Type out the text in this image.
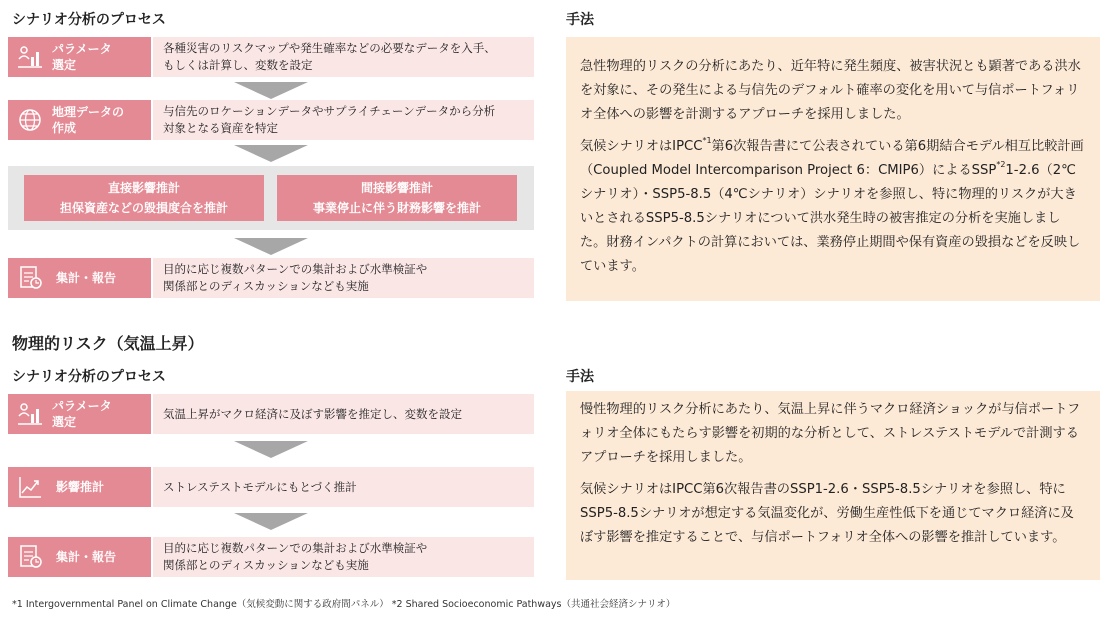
シナリオ分析のプロセス	手法
パラメータ
選定
各種災害のリスクマップや発生確率などの必要なデータを入手、
もしくは計算し、変数を設定
地理データの
作成
与信先のロケーションデータやサプライチェーンデータから分析
対象となる資産を特定
直接影響推計
担保資産などの毀損度合を推計
間接影響推計
事業停止に伴う財務影響を推計
集計・報告
目的に応じ複数パターンでの集計および水準検証や
関係部とのディスカッションなども実施

急性物理的リスクの分析にあたり、近年特に発生頻度、被害状況とも顕著である洪水を対象に、その発生による与信先のデフォルト確率の変化を用いて与信ポートフォリオ全体への影響を計測するアプローチを採用しました。

気候シナリオはIPCC$^{*1}$第6次報告書にて公表されている第6期結合モデル相互比較計画（Coupled Model Intercomparison Project 6：CMIP6）によるSSP$^{*2}$1-2.6（2℃シナリオ）・SSP5-8.5（4℃シナリオ）シナリオを参照し、特に物理的リスクが大きいとされるSSP5-8.5シナリオについて洪水発生時の被害推定の分析を実施しました。財務インパクトの計算においては、業務停止期間や保有資産の毀損などを反映しています。

物理的リスク（気温上昇）
シナリオ分析のプロセス	手法
パラメータ
選定
気温上昇がマクロ経済に及ぼす影響を推定し、変数を設定
影響推計	ストレステストモデルにもとづく推計
集計・報告
目的に応じ複数パターンでの集計および水準検証や
関係部とのディスカッションなども実施

慢性物理的リスク分析にあたり、気温上昇に伴うマクロ経済ショックが与信ポートフォリオ全体にもたらす影響を初期的な分析として、ストレステストモデルで計測するアプローチを採用しました。

気候シナリオはIPCC第6次報告書のSSP1-2.6・SSP5-8.5シナリオを参照し、特にSSP5-8.5シナリオが想定する気温変化が、労働生産性低下を通じてマクロ経済に及ぼす影響を推定することで、与信ポートフォリオ全体への影響を推計しています。

*1 Intergovernmental Panel on Climate Change（気候変動に関する政府間パネル） *2 Shared Socioeconomic Pathways（共通社会経済シナリオ）
